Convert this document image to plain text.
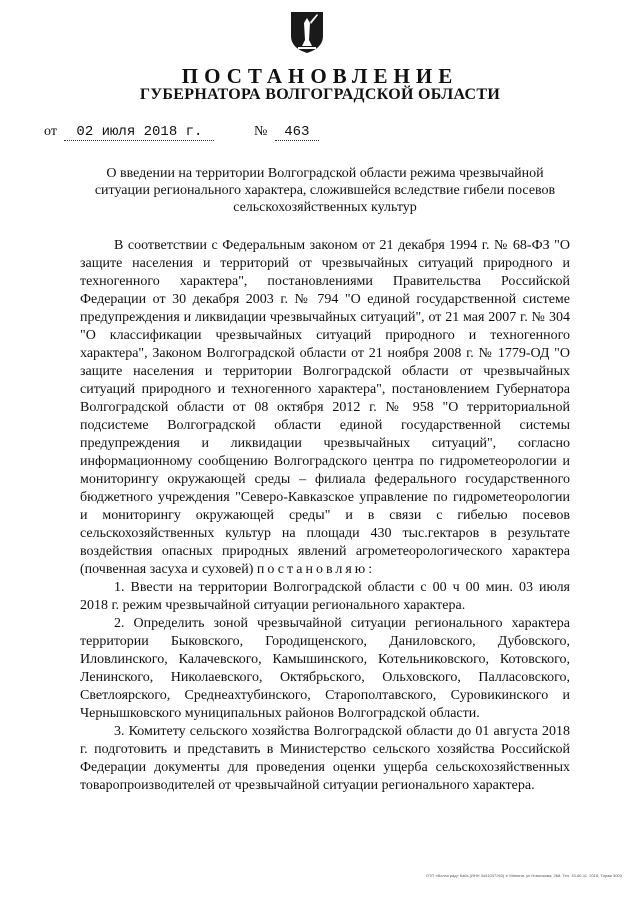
ПОСТАНОВЛЕНИЕ
ГУБЕРНАТОРА ВОЛГОГРАДСКОЙ ОБЛАСТИ
от 02 июля 2018 г.	№ 463
О введении на территории Волгоградской области режима чрезвычайной ситуации регионального характера, сложившейся вследствие гибели посевов сельскохозяйственных культур

В соответствии с Федеральным законом от 21 декабря 1994 г. № 68-ФЗ "О защите населения и территорий от чрезвычайных ситуаций природного и техногенного характера", постановлениями Правительства Российской Федерации от 30 декабря 2003 г. № 794 "О единой государственной системе предупреждения и ликвидации чрезвычайных ситуаций", от 21 мая 2007 г. № 304 "О классификации чрезвычайных ситуаций природного и техногенного характера", Законом Волгоградской области от 21 ноября 2008 г. № 1779-ОД "О защите населения и территории Волгоградской области от чрезвычайных ситуаций природного и техногенного характера", постановлением Губернатора Волгоградской области от 08 октября 2012 г. № 958 "О территориальной подсистеме Волгоградской области единой государственной системы предупреждения и ликвидации чрезвычайных ситуаций", согласно информационному сообщению Волгоградского центра по гидрометеорологии и мониторингу окружающей среды – филиала федерального государственного бюджетного учреждения "Северо-Кавказское управление по гидрометеорологии и мониторингу окружающей среды" и в связи с гибелью посевов сельскохозяйственных культур на площади 430 тыс.гектаров в результате воздействия опасных природных явлений агрометеорологического характера (почвенная засуха и суховей) постановляю:

1. Ввести на территории Волгоградской области с 00 ч 00 мин. 03 июля 2018 г. режим чрезвычайной ситуации регионального характера.

2. Определить зоной чрезвычайной ситуации регионального характера территории Быковского, Городищенского, Даниловского, Дубовского, Иловлинского, Калачевского, Камышинского, Котельниковского, Котовского, Ленинского, Николаевского, Октябрьского, Ольховского, Палласовского, Светлоярского, Среднеахтубинского, Старополтавского, Суровикинского и Чернышковского муниципальных районов Волгоградской области.

3. Комитету сельского хозяйства Волгоградской области до 01 августа 2018 г. подготовить и представить в Министерство сельского хозяйства Российской Федерации документы для проведения оценки ущерба сельскохозяйственных товаропроизводителей от чрезвычайной ситуации регионального характера.

ОТП «Волгоград» Кабз (ИНН 3441047263) т/ Минина, ул Новичкова, 268. Тел. 33-60-11, 2018, Тираж 5000
